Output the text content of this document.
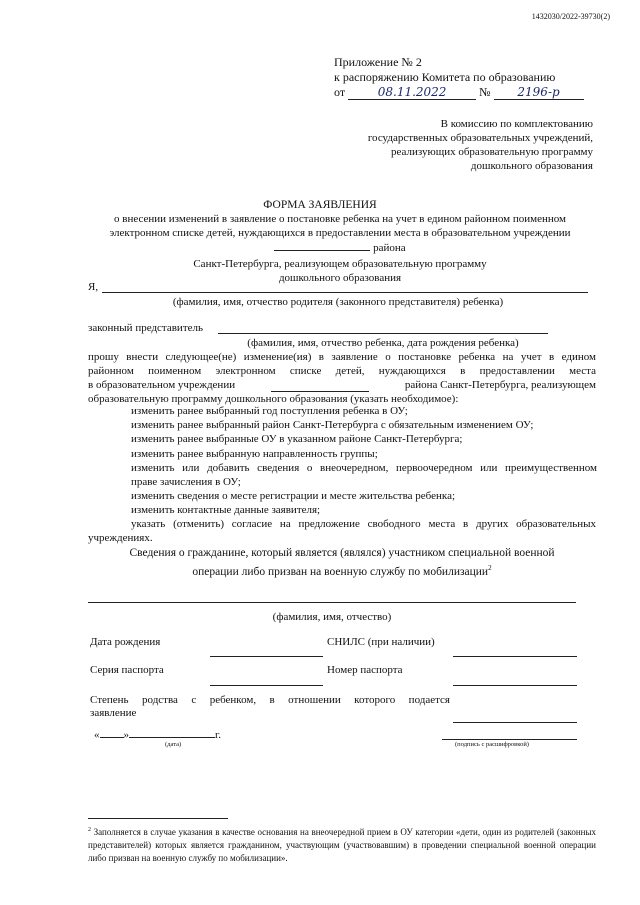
1432030/2022-39730(2)
Приложение № 2
к распоряжению Комитета по образованию
от	08.11.2022	№ 2196-р
В комиссию по комплектованию
государственных образовательных учреждений,
реализующих образовательную программу
дошкольного образования
ФОРМА ЗАЯВЛЕНИЯ
о внесении изменений в заявление о постановке ребенка на учет в едином районном поименном
электронном списке детей, нуждающихся в предоставлении места в образовательном учреждении
района
Санкт-Петербурга, реализующем образовательную программу
дошкольного образования
Я,
(фамилия, имя, отчество родителя (законного представителя) ребенка)
законный представитель
(фамилия, имя, отчество ребенка, дата рождения ребенка)
прошу внести следующее(не) изменение(ия) в заявление о постановке ребенка на учет в едином
районном поименном электронном списке детей, нуждающихся в предоставлении места
в образовательном учреждении	района Санкт-Петербурга, реализующем
образовательную программу дошкольного образования (указать необходимое):
изменить ранее выбранный год поступления ребенка в ОУ;
изменить ранее выбранный район Санкт-Петербурга с обязательным изменением ОУ;
изменить ранее выбранные ОУ в указанном районе Санкт-Петербурга;
изменить ранее выбранную направленность группы;
изменить или добавить сведения о внеочередном, первоочередном или преимущественном
праве зачисления в ОУ;
изменить сведения о месте регистрации и месте жительства ребенка;
изменить контактные данные заявителя;
указать (отменить) согласие на предложение свободного места в других образовательных
учреждениях.
Сведения о гражданине, который является (являлся) участником специальной военной
операции либо призван на военную службу по мобилизации$^2$
(фамилия, имя, отчество)
Дата рождения	СНИЛС (при наличии)
Серия паспорта	Номер паспорта
Степень родства с ребенком, в отношении которого подается
заявление
« »	г.
(дата)	(подпись с расшифровкой)
$^2$ Заполняется в случае указания в качестве основания на внеочередной прием в ОУ категории «дети, один из родителей (законных представителей) которых является гражданином, участвующим (участвовавшим) в проведении специальной военной операции либо призван на военную службу по мобилизации».
